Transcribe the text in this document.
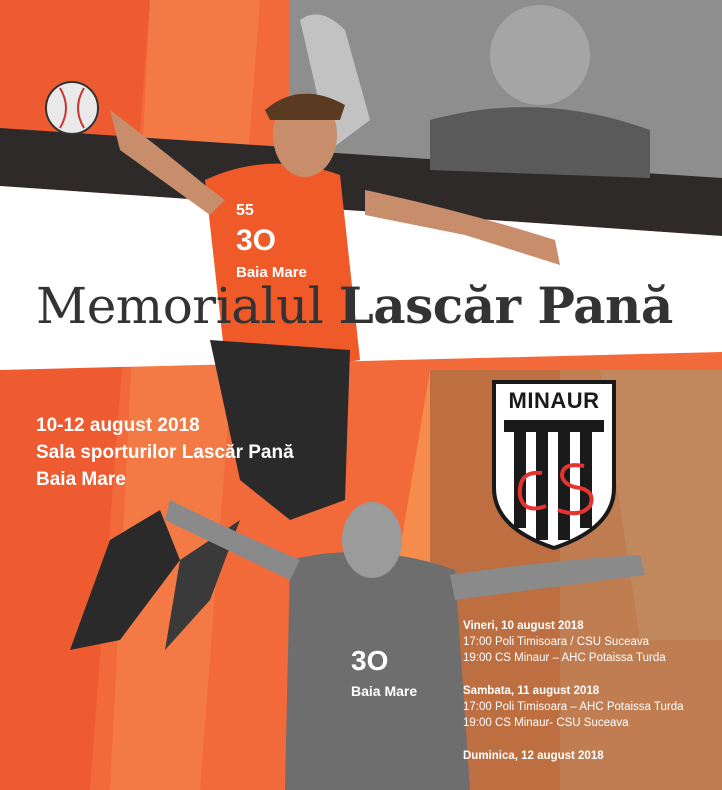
editia I
Memorialul Lascăr Pană
10-12 august 2018
Sala sporturilor Lascăr Pană
Baia Mare
MINAUR
Vineri, 10 august 2018
17:00 Poli Timisoara / CSU Suceava
19:00 CS Minaur – AHC Potaissa Turda
Sambata, 11 august 2018
17:00 Poli Timisoara – AHC Potaissa Turda
19:00 CS Minaur- CSU Suceava
Duminica, 12 august 2018
55
3O
Baia Mare
3O
Baia Mare
